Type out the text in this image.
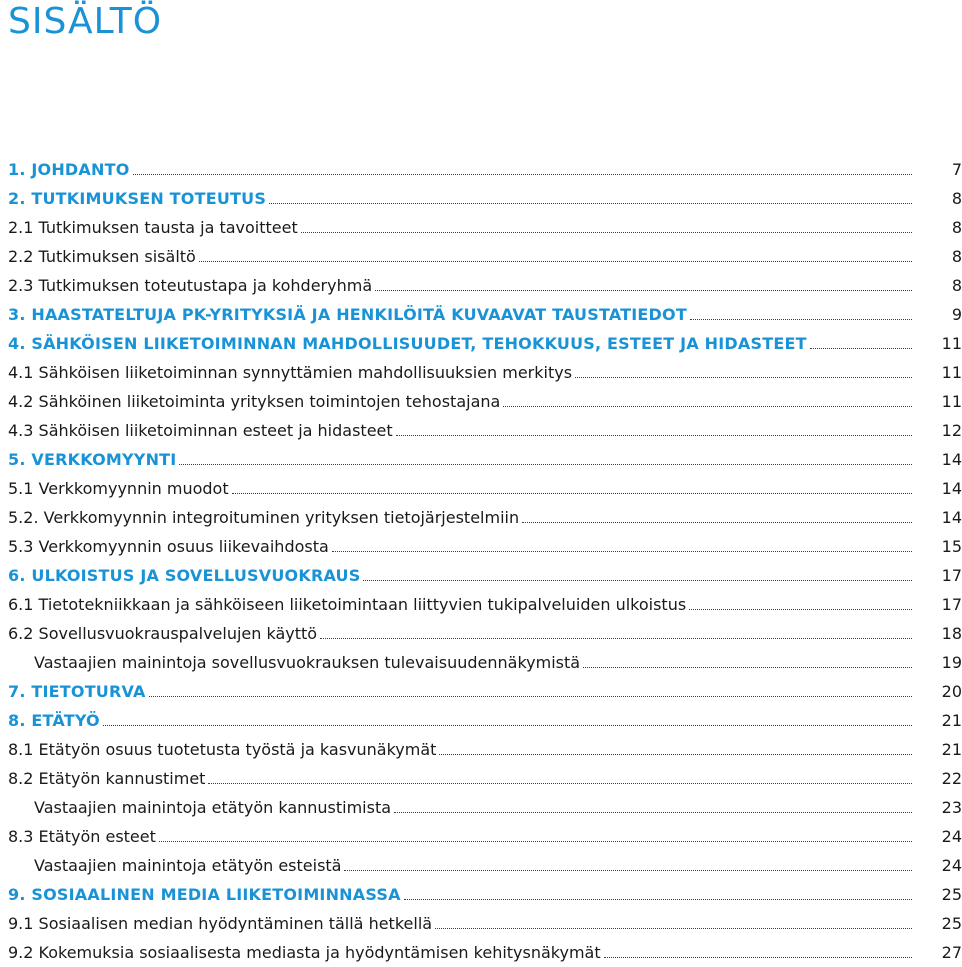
SISÄLTÖ
1. JOHDANTO	7
2. TUTKIMUKSEN TOTEUTUS	8
2.1 Tutkimuksen tausta ja tavoitteet	8
2.2 Tutkimuksen sisältö	8
2.3 Tutkimuksen toteutustapa ja kohderyhmä	8
3. HAASTATELTUJA PK-YRITYKSIÄ JA HENKILÖITÄ KUVAAVAT TAUSTATIEDOT	9
4. SÄHKÖISEN LIIKETOIMINNAN MAHDOLLISUUDET, TEHOKKUUS, ESTEET JA HIDASTEET	11
4.1 Sähköisen liiketoiminnan synnyttämien mahdollisuuksien merkitys	11
4.2 Sähköinen liiketoiminta yrityksen toimintojen tehostajana	11
4.3 Sähköisen liiketoiminnan esteet ja hidasteet	12
5. VERKKOMYYNTI	14
5.1 Verkkomyynnin muodot	14
5.2. Verkkomyynnin integroituminen yrityksen tietojärjestelmiin	14
5.3 Verkkomyynnin osuus liikevaihdosta	15
6. ULKOISTUS JA SOVELLUSVUOKRAUS	17
6.1 Tietotekniikkaan ja sähköiseen liiketoimintaan liittyvien tukipalveluiden ulkoistus	17
6.2 Sovellusvuokrauspalvelujen käyttö	18
Vastaajien mainintoja sovellusvuokrauksen tulevaisuudennäkymistä	19
7. TIETOTURVA	20
8. ETÄTYÖ	21
8.1 Etätyön osuus tuotetusta työstä ja kasvunäkymät	21
8.2 Etätyön kannustimet	22
Vastaajien mainintoja etätyön kannustimista	23
8.3 Etätyön esteet	24
Vastaajien mainintoja etätyön esteistä	24
9. SOSIAALINEN MEDIA LIIKETOIMINNASSA	25
9.1 Sosiaalisen median hyödyntäminen tällä hetkellä	25
9.2 Kokemuksia sosiaalisesta mediasta ja hyödyntämisen kehitysnäkymät	27
